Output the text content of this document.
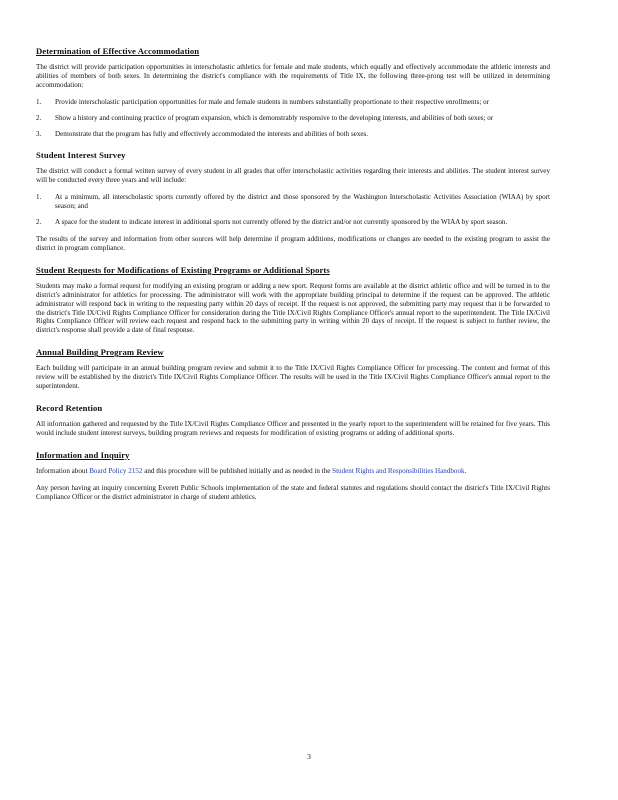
Determination of Effective Accommodation

The district will provide participation opportunities in interscholastic athletics for female and male students, which equally and effectively accommodate the athletic interests and abilities of members of both sexes. In determining the district's compliance with the requirements of Title IX, the following three-prong test will be utilized in determining accommodation:

1. Provide interscholastic participation opportunities for male and female students in numbers substantially proportionate to their respective enrollments; or
2. Show a history and continuing practice of program expansion, which is demonstrably responsive to the developing interests, and abilities of both sexes; or
3. Demonstrate that the program has fully and effectively accommodated the interests and abilities of both sexes.
Student Interest Survey

The district will conduct a formal written survey of every student in all grades that offer interscholastic activities regarding their interests and abilities. The student interest survey will be conducted every three years and will include:

1. At a minimum, all interscholastic sports currently offered by the district and those sponsored by the Washington Interscholastic Activities Association (WIAA) by sport season; and
2. A space for the student to indicate interest in additional sports not currently offered by the district and/or not currently sponsored by the WIAA by sport season.

The results of the survey and information from other sources will help determine if program additions, modifications or changes are needed to the existing program to assist the district in program compliance.

Student Requests for Modifications of Existing Programs or Additional Sports

Students may make a formal request for modifying an existing program or adding a new sport. Request forms are available at the district athletic office and will be turned in to the district's administrator for athletics for processing. The administrator will work with the appropriate building principal to determine if the request can be approved. The athletic administrator will respond back in writing to the requesting party within 20 days of receipt. If the request is not approved, the submitting party may request that it be forwarded to the district's Title IX/Civil Rights Compliance Officer for consideration during the Title IX/Civil Rights Compliance Officer's annual report to the superintendent. The Title IX/Civil Rights Compliance Officer will review each request and respond back to the submitting party in writing within 20 days of receipt. If the request is subject to further review, the district's response shall provide a date of final response.

Annual Building Program Review

Each building will participate in an annual building program review and submit it to the Title IX/Civil Rights Compliance Officer for processing. The content and format of this review will be established by the district's Title IX/Civil Rights Compliance Officer. The results will be used in the Title IX/Civil Rights Compliance Officer's annual report to the superintendent.

Record Retention

All information gathered and requested by the Title IX/Civil Rights Compliance Officer and presented in the yearly report to the superintendent will be retained for five years. This would include student interest surveys, building program reviews and requests for modification of existing programs or adding of additional sports.

Information and Inquiry

Information about Board Policy 2152 and this procedure will be published initially and as needed in the Student Rights and Responsibilities Handbook.

Any person having an inquiry concerning Everett Public Schools implementation of the state and federal statutes and regulations should contact the district's Title IX/Civil Rights Compliance Officer or the district administrator in charge of student athletics.

3
